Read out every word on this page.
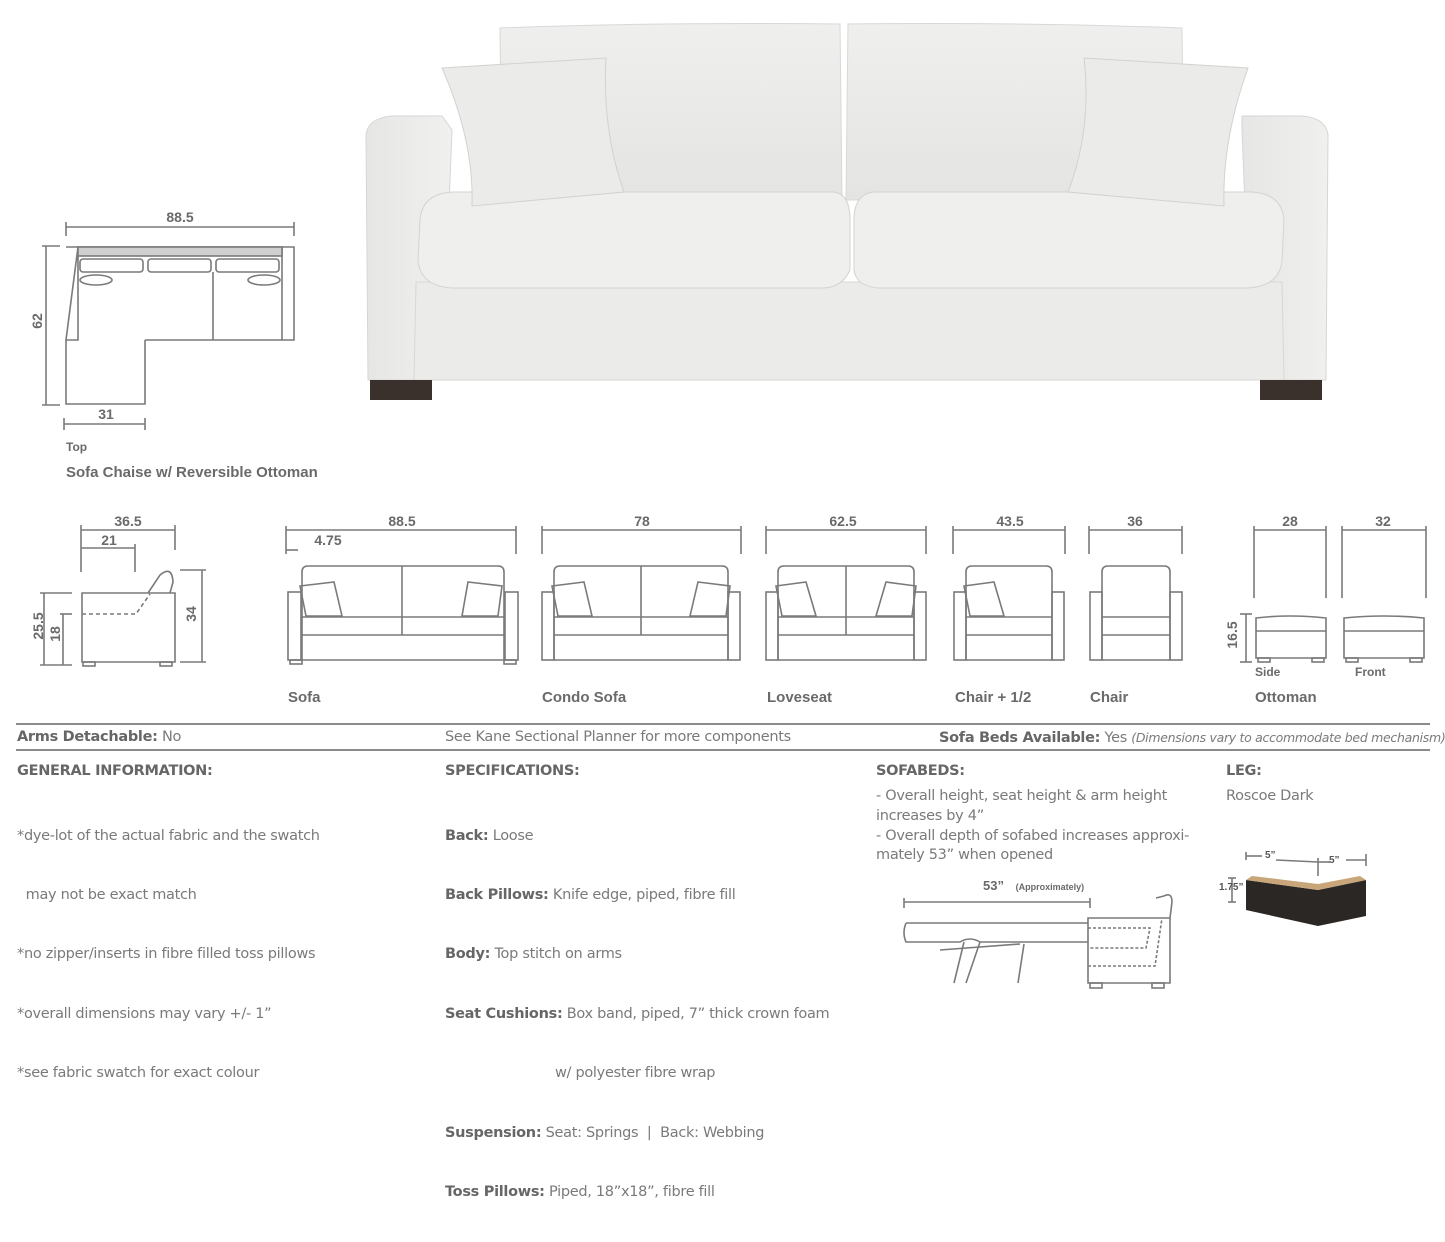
88.5
62
31
Top
Sofa Chaise w/ Reversible Ottoman
36.5
21
25.5 18
34
88.5
4.75
Sofa
78
Condo Sofa
62.5
Loveseat
43.5
Chair + 1/2
36
Chair
28	32
16.5
Side	Front
Ottoman
Arms Detachable: No	See Kane Sectional Planner for more components	Sofa Beds Available: Yes (Dimensions vary to accommodate bed mechanism)
GENERAL INFORMATION:

*dye-lot of the actual fabric and the swatch

may not be exact match

*no zipper/inserts in fibre filled toss pillows

*overall dimensions may vary +/- 1”

*see fabric swatch for exact colour

SPECIFICATIONS:

Back: Loose

Back Pillows: Knife edge, piped, fibre fill

Body: Top stitch on arms

Seat Cushions: Box band, piped, 7” thick crown foam

w/ polyester fibre wrap

Suspension: Seat: Springs  |  Back: Webbing

Toss Pillows: Piped, 18”x18”, fibre fill

SOFABEDS:
- Overall height, seat height & arm height
increases by 4”
- Overall depth of sofabed increases approxi-
mately 53” when opened
53” (Approximately)
LEG:
Roscoe Dark
5”	5”
1.75”
